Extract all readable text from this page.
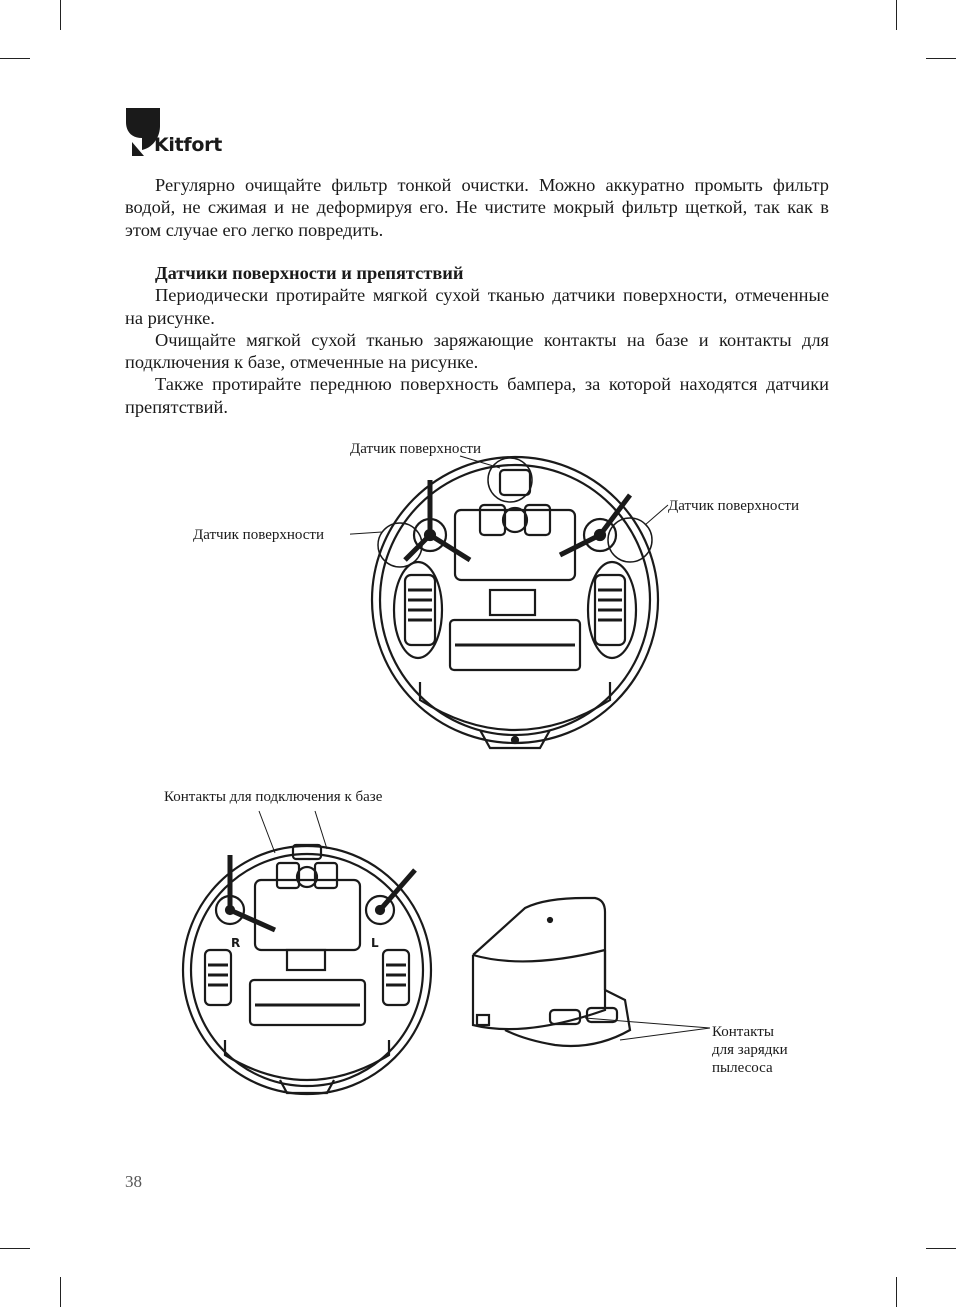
Kitfort

Регулярно очищайте фильтр тонкой очистки. Можно аккуратно промыть фильтр водой, не сжимая и не деформируя его. Не чистите мокрый фильтр щеткой, так как в этом случае его легко повредить.

Датчики поверхности и препятствий

Периодически протирайте мягкой сухой тканью датчики поверхности, отмеченные на рисунке.

Очищайте мягкой сухой тканью заряжающие контакты на базе и контакты для подключения к базе, отмеченные на рисунке.

Также протирайте переднюю поверхность бампера, за которой находятся датчики препятствий.

Датчик поверхности
Датчик поверхности
Датчик поверхности
Контакты для подключения к базе
R	L
Контакты
для зарядки
пылесоса
38
